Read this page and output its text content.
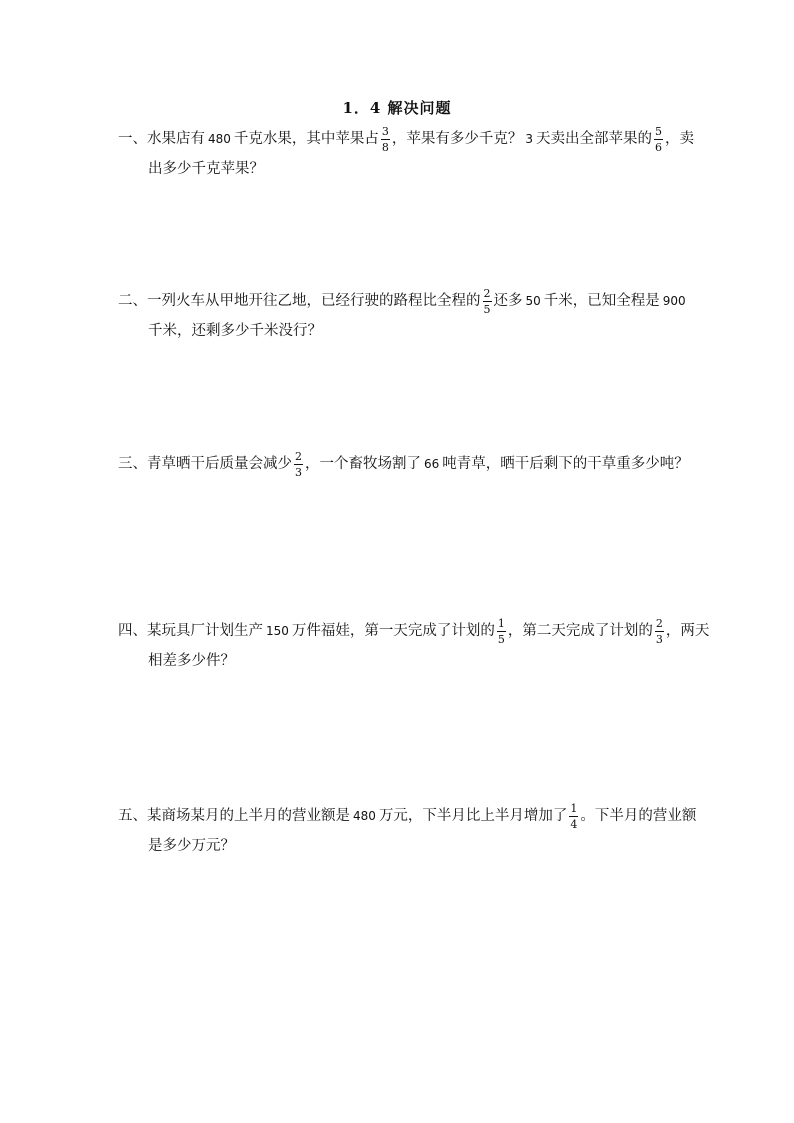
1．4 解决问题
一、水果店有 480 千克水果，其中苹果占 $\frac{3}{8}$ ，苹果有多少千克？ 3 天卖出全部苹果的 $\frac{5}{6}$ ，卖
出多少千克苹果？
二、一列火车从甲地开往乙地，已经行驶的路程比全程的 $\frac{2}{5}$ 还多 50 千米，已知全程是 900
千米，还剩多少千米没行？
三、青草晒干后质量会减少 $\frac{2}{3}$ ，一个畜牧场割了 66 吨青草，晒干后剩下的干草重多少吨？
四、某玩具厂计划生产 150 万件福娃，第一天完成了计划的 $\frac{1}{5}$ ，第二天完成了计划的 $\frac{2}{3}$ ，两天
相差多少件？
五、某商场某月的上半月的营业额是 480 万元，下半月比上半月增加了 $\frac{1}{4}$ 。下半月的营业额
是多少万元？
